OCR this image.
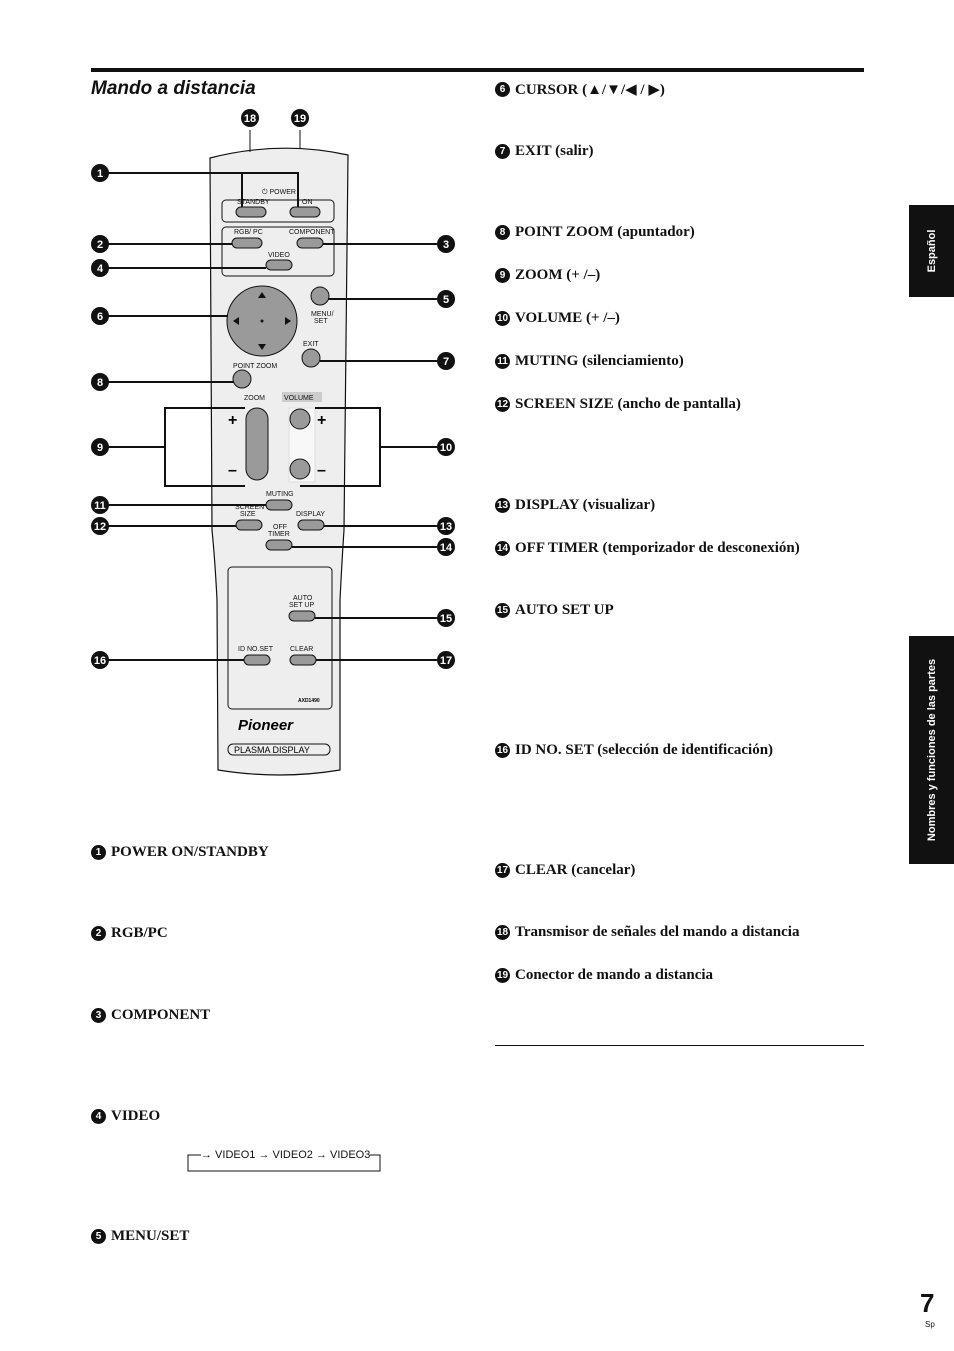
Mando a distancia
⏻ POWER
STANDBY	ON
RGB/ PC	COMPONENT
VIDEO
MENU/
SET
EXIT
POINT ZOOM
ZOOM	VOLUME
+
–
+
–
MUTING
SCREEN
SIZE	DISPLAY
OFF
TIMER
AUTO
SET UP
ID NO.SET CLEAR
AXD1490
Pioneer
PLASMA DISPLAY
1
2	3
4
5
6
7
8
9	10
11
12	13
14
15
16	17
18	19
1 POWER ON/STANDBY
2 RGB/PC
3 COMPONENT
4 VIDEO
→ VIDEO1 → VIDEO2 → VIDEO3
5 MENU/SET
6 CURSOR (▲/▼/◀ / ▶)
7 EXIT (salir)
8 POINT ZOOM (apuntador)
9 ZOOM (+ /–)
10 VOLUME (+ /–)
11 MUTING (silenciamiento)
12 SCREEN SIZE (ancho de pantalla)
13 DISPLAY (visualizar)
14 OFF TIMER (temporizador de desconexión)
15 AUTO SET UP
16 ID NO. SET (selección de identificación)
17 CLEAR (cancelar)
18 Transmisor de señales del mando a distancia
19 Conector de mando a distancia
Español
Nombres y funciones de las partes
7
Sp
